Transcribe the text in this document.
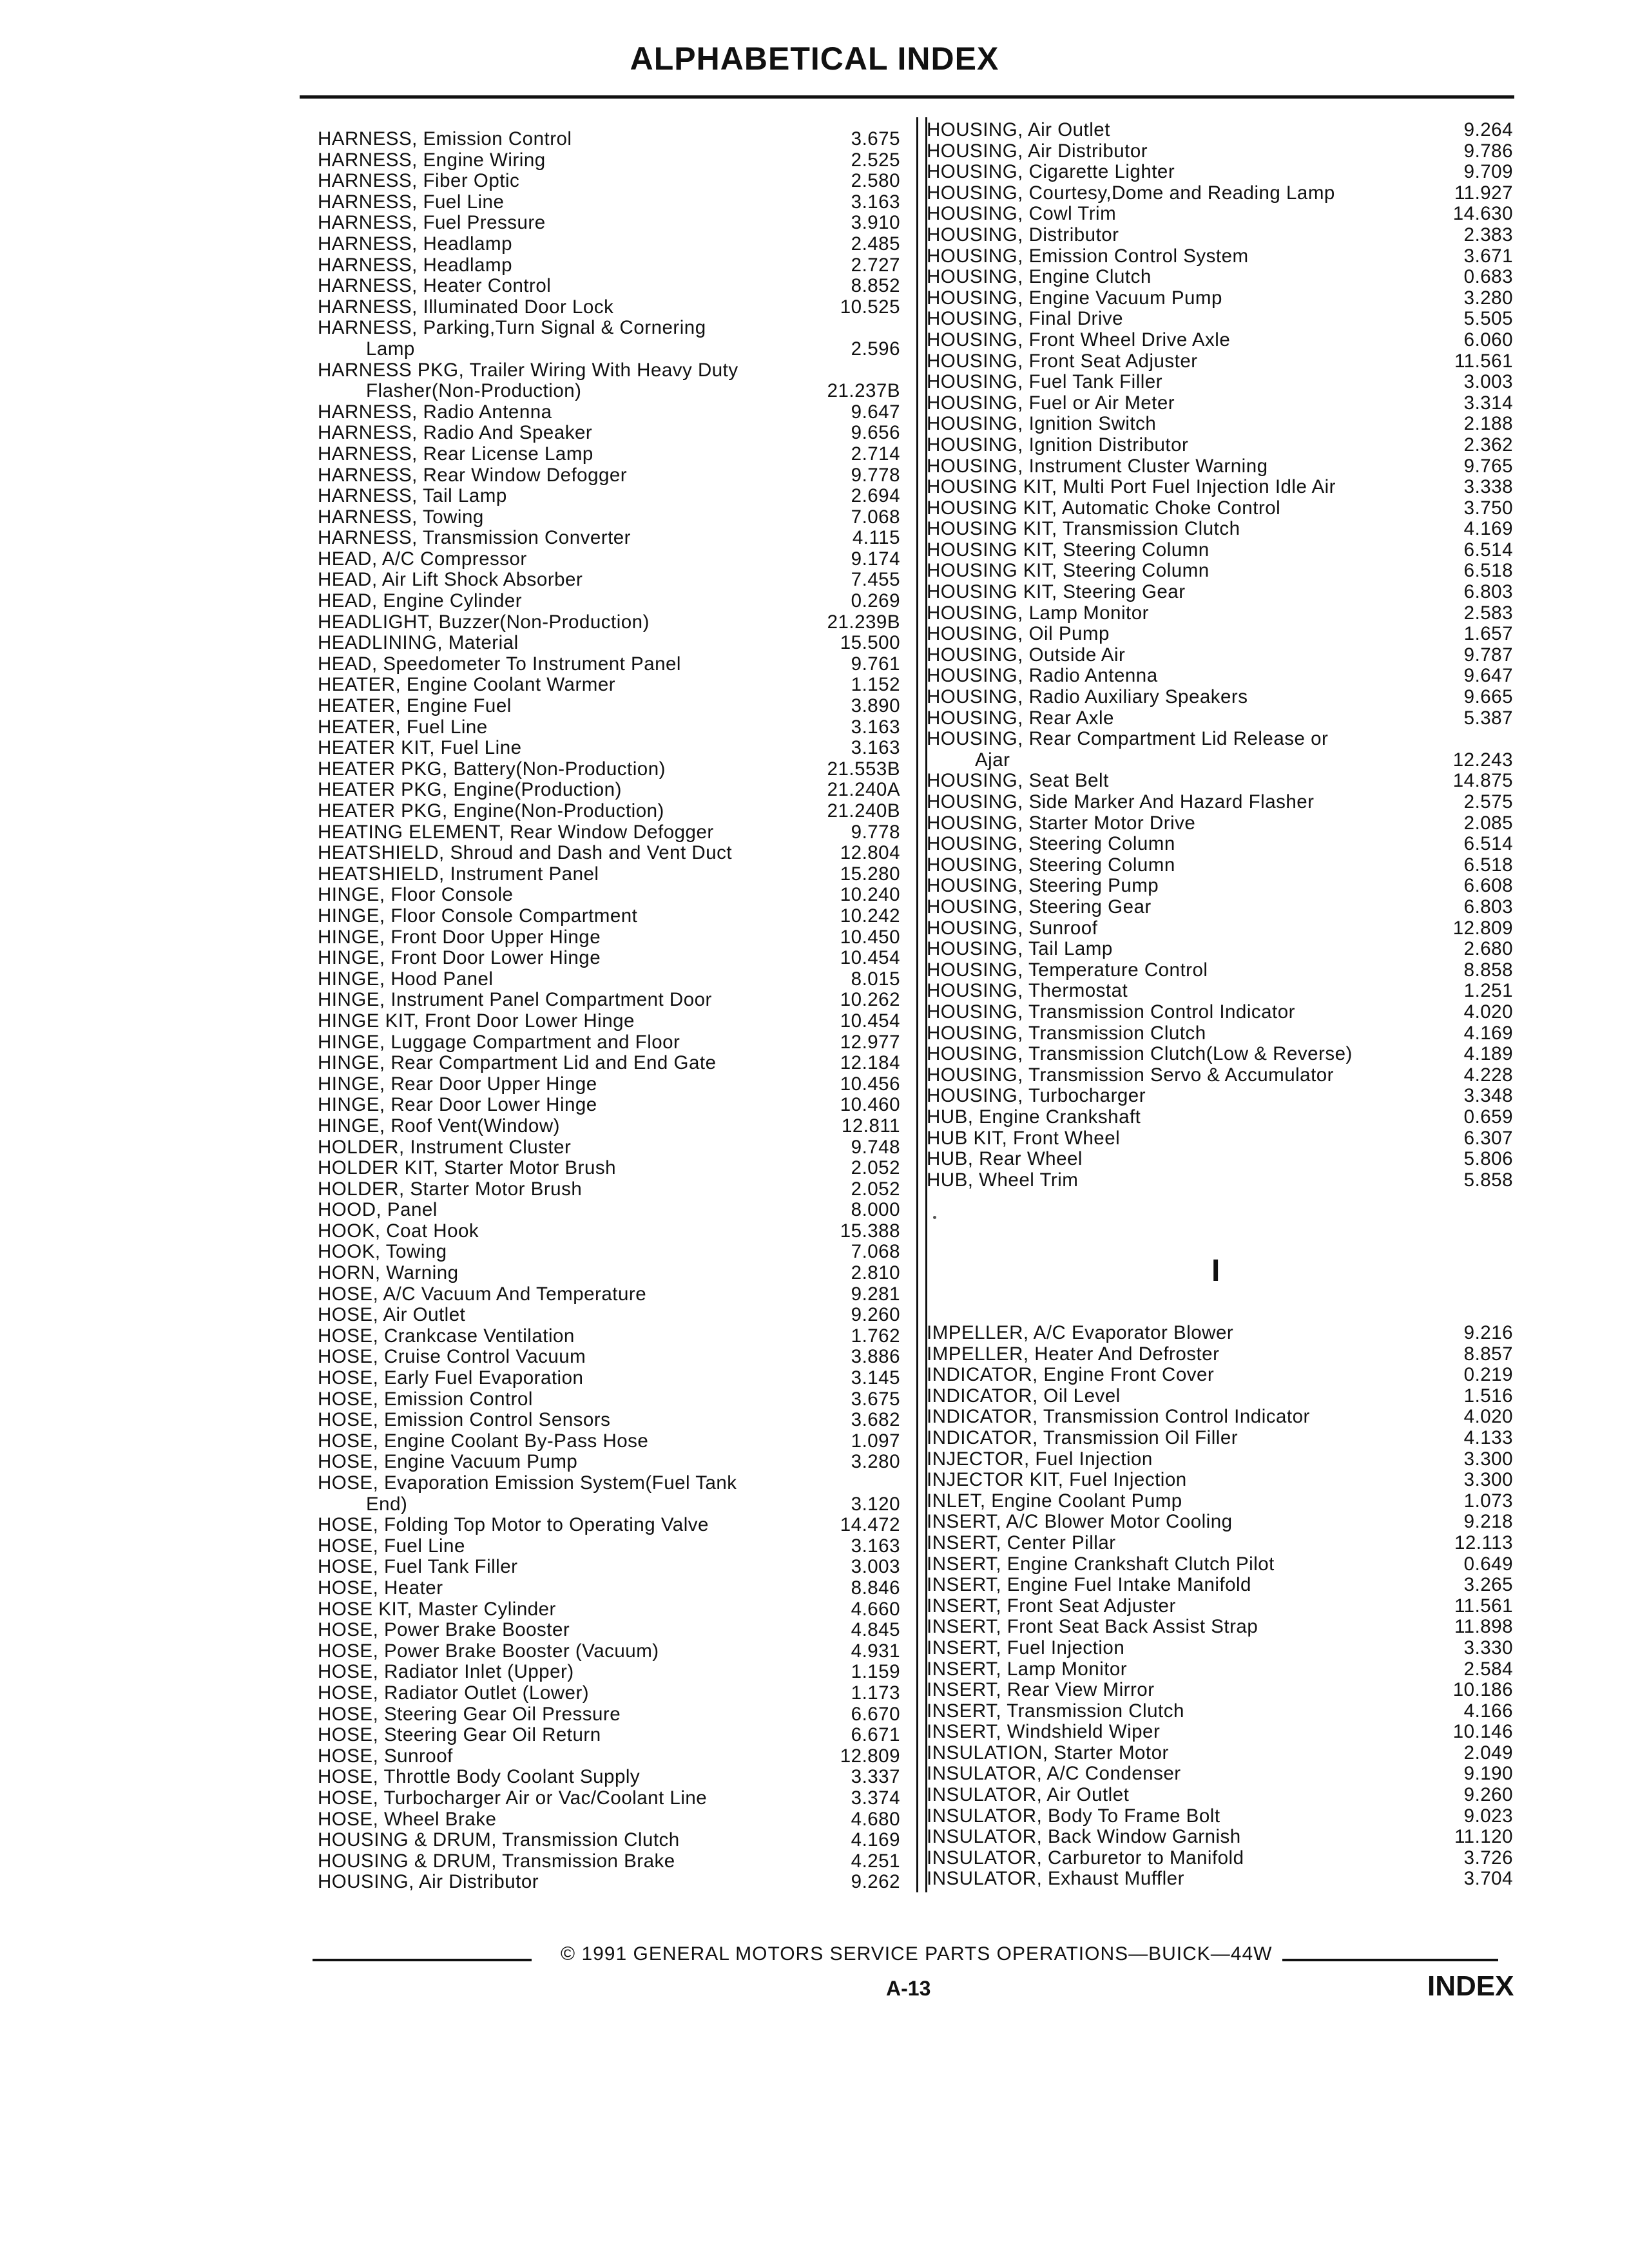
ALPHABETICAL INDEX
HARNESS, Emission Control	3.675
HARNESS, Engine Wiring	2.525
HARNESS, Fiber Optic	2.580
HARNESS, Fuel Line	3.163
HARNESS, Fuel Pressure	3.910
HARNESS, Headlamp	2.485
HARNESS, Headlamp	2.727
HARNESS, Heater Control	8.852
HARNESS, Illuminated Door Lock	10.525
HARNESS, Parking,Turn Signal & Cornering
Lamp	2.596
HARNESS PKG, Trailer Wiring With Heavy Duty
Flasher(Non-Production)	21.237B
HARNESS, Radio Antenna	9.647
HARNESS, Radio And Speaker	9.656
HARNESS, Rear License Lamp	2.714
HARNESS, Rear Window Defogger	9.778
HARNESS, Tail Lamp	2.694
HARNESS, Towing	7.068
HARNESS, Transmission Converter	4.115
HEAD, A/C Compressor	9.174
HEAD, Air Lift Shock Absorber	7.455
HEAD, Engine Cylinder	0.269
HEADLIGHT, Buzzer(Non-Production)	21.239B
HEADLINING, Material	15.500
HEAD, Speedometer To Instrument Panel	9.761
HEATER, Engine Coolant Warmer	1.152
HEATER, Engine Fuel	3.890
HEATER, Fuel Line	3.163
HEATER KIT, Fuel Line	3.163
HEATER PKG, Battery(Non-Production)	21.553B
HEATER PKG, Engine(Production)	21.240A
HEATER PKG, Engine(Non-Production)	21.240B
HEATING ELEMENT, Rear Window Defogger	9.778
HEATSHIELD, Shroud and Dash and Vent Duct	12.804
HEATSHIELD, Instrument Panel	15.280
HINGE, Floor Console	10.240
HINGE, Floor Console Compartment	10.242
HINGE, Front Door Upper Hinge	10.450
HINGE, Front Door Lower Hinge	10.454
HINGE, Hood Panel	8.015
HINGE, Instrument Panel Compartment Door	10.262
HINGE KIT, Front Door Lower Hinge	10.454
HINGE, Luggage Compartment and Floor	12.977
HINGE, Rear Compartment Lid and End Gate	12.184
HINGE, Rear Door Upper Hinge	10.456
HINGE, Rear Door Lower Hinge	10.460
HINGE, Roof Vent(Window)	12.811
HOLDER, Instrument Cluster	9.748
HOLDER KIT, Starter Motor Brush	2.052
HOLDER, Starter Motor Brush	2.052
HOOD, Panel	8.000
HOOK, Coat Hook	15.388
HOOK, Towing	7.068
HORN, Warning	2.810
HOSE, A/C Vacuum And Temperature	9.281
HOSE, Air Outlet	9.260
HOSE, Crankcase Ventilation	1.762
HOSE, Cruise Control Vacuum	3.886
HOSE, Early Fuel Evaporation	3.145
HOSE, Emission Control	3.675
HOSE, Emission Control Sensors	3.682
HOSE, Engine Coolant By-Pass Hose	1.097
HOSE, Engine Vacuum Pump	3.280
HOSE, Evaporation Emission System(Fuel Tank
End)	3.120
HOSE, Folding Top Motor to Operating Valve	14.472
HOSE, Fuel Line	3.163
HOSE, Fuel Tank Filler	3.003
HOSE, Heater	8.846
HOSE KIT, Master Cylinder	4.660
HOSE, Power Brake Booster	4.845
HOSE, Power Brake Booster (Vacuum)	4.931
HOSE, Radiator Inlet (Upper)	1.159
HOSE, Radiator Outlet (Lower)	1.173
HOSE, Steering Gear Oil Pressure	6.670
HOSE, Steering Gear Oil Return	6.671
HOSE, Sunroof	12.809
HOSE, Throttle Body Coolant Supply	3.337
HOSE, Turbocharger Air or Vac/Coolant Line	3.374
HOSE, Wheel Brake	4.680
HOUSING & DRUM, Transmission Clutch	4.169
HOUSING & DRUM, Transmission Brake	4.251
HOUSING, Air Distributor	9.262
HOUSING, Air Outlet	9.264
HOUSING, Air Distributor	9.786
HOUSING, Cigarette Lighter	9.709
HOUSING, Courtesy,Dome and Reading Lamp	11.927
HOUSING, Cowl Trim	14.630
HOUSING, Distributor	2.383
HOUSING, Emission Control System	3.671
HOUSING, Engine Clutch	0.683
HOUSING, Engine Vacuum Pump	3.280
HOUSING, Final Drive	5.505
HOUSING, Front Wheel Drive Axle	6.060
HOUSING, Front Seat Adjuster	11.561
HOUSING, Fuel Tank Filler	3.003
HOUSING, Fuel or Air Meter	3.314
HOUSING, Ignition Switch	2.188
HOUSING, Ignition Distributor	2.362
HOUSING, Instrument Cluster Warning	9.765
HOUSING KIT, Multi Port Fuel Injection Idle Air	3.338
HOUSING KIT, Automatic Choke Control	3.750
HOUSING KIT, Transmission Clutch	4.169
HOUSING KIT, Steering Column	6.514
HOUSING KIT, Steering Column	6.518
HOUSING KIT, Steering Gear	6.803
HOUSING, Lamp Monitor	2.583
HOUSING, Oil Pump	1.657
HOUSING, Outside Air	9.787
HOUSING, Radio Antenna	9.647
HOUSING, Radio Auxiliary Speakers	9.665
HOUSING, Rear Axle	5.387
HOUSING, Rear Compartment Lid Release or
Ajar	12.243
HOUSING, Seat Belt	14.875
HOUSING, Side Marker And Hazard Flasher	2.575
HOUSING, Starter Motor Drive	2.085
HOUSING, Steering Column	6.514
HOUSING, Steering Column	6.518
HOUSING, Steering Pump	6.608
HOUSING, Steering Gear	6.803
HOUSING, Sunroof	12.809
HOUSING, Tail Lamp	2.680
HOUSING, Temperature Control	8.858
HOUSING, Thermostat	1.251
HOUSING, Transmission Control Indicator	4.020
HOUSING, Transmission Clutch	4.169
HOUSING, Transmission Clutch(Low & Reverse)	4.189
HOUSING, Transmission Servo & Accumulator	4.228
HOUSING, Turbocharger	3.348
HUB, Engine Crankshaft	0.659
HUB KIT, Front Wheel	6.307
HUB, Rear Wheel	5.806
HUB, Wheel Trim	5.858
I
IMPELLER, A/C Evaporator Blower	9.216
IMPELLER, Heater And Defroster	8.857
INDICATOR, Engine Front Cover	0.219
INDICATOR, Oil Level	1.516
INDICATOR, Transmission Control Indicator	4.020
INDICATOR, Transmission Oil Filler	4.133
INJECTOR, Fuel Injection	3.300
INJECTOR KIT, Fuel Injection	3.300
INLET, Engine Coolant Pump	1.073
INSERT, A/C Blower Motor Cooling	9.218
INSERT, Center Pillar	12.113
INSERT, Engine Crankshaft Clutch Pilot	0.649
INSERT, Engine Fuel Intake Manifold	3.265
INSERT, Front Seat Adjuster	11.561
INSERT, Front Seat Back Assist Strap	11.898
INSERT, Fuel Injection	3.330
INSERT, Lamp Monitor	2.584
INSERT, Rear View Mirror	10.186
INSERT, Transmission Clutch	4.166
INSERT, Windshield Wiper	10.146
INSULATION, Starter Motor	2.049
INSULATOR, A/C Condenser	9.190
INSULATOR, Air Outlet	9.260
INSULATOR, Body To Frame Bolt	9.023
INSULATOR, Back Window Garnish	11.120
INSULATOR, Carburetor to Manifold	3.726
INSULATOR, Exhaust Muffler	3.704
© 1991 GENERAL MOTORS SERVICE PARTS OPERATIONS—BUICK—44W
A-13	INDEX
